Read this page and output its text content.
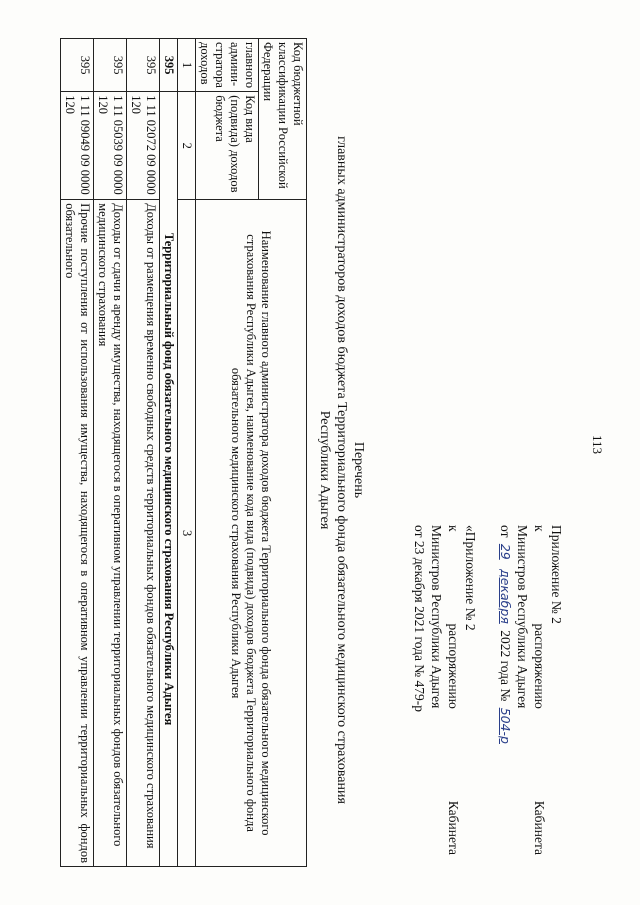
113

Приложение № 2

к распоряжению Кабинета

Министров Республики Адыгея

от 29 декабря 2022 года № 504-р

«Приложение № 2

к распоряжению Кабинета

Министров Республики Адыгея

от 23 декабря 2021 года № 479-р

Перечень

главных администраторов доходов бюджета Территориального фонда обязательного медицинского страхования

Республики Адыгея

Код бюджетной классификации Российской Федерации		Наименование главного администратора доходов бюджета Территориального фонда обязательного медицинского страхования Республики Адыгея, наименование кода вида (подвида) доходов бюджета Территориального фонда обязательного медицинского страхования Республики Адыгея
главного админи-стратора доходов	Код вида (подвида) доходов бюджета	
1	2	3
395	Территориальный фонд обязательного медицинского страхования Республики Адыгея	
395	1 11 02072 09 0000 120	Доходы от размещения временно свободных средств территориальных фондов обязательного медицинского страхования
395	1 11 05039 09 0000 120	Доходы от сдачи в аренду имущества, находящегося в оперативном управлении территориальных фондов обязательного медицинского страхования
395	1 11 09049 09 0000 120	Прочие поступления от использования имущества, находящегося в оперативном управлении территориальных фондов обязательного
